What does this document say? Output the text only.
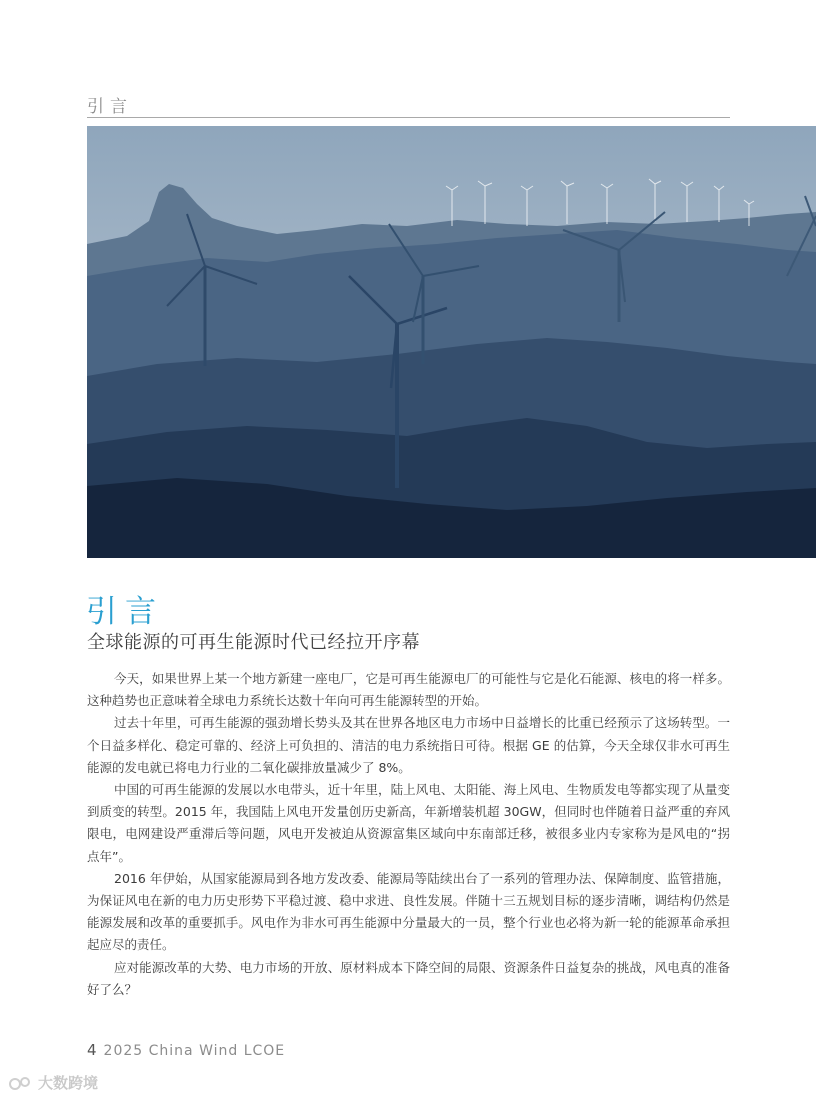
引言
引言
全球能源的可再生能源时代已经拉开序幕

今天，如果世界上某一个地方新建一座电厂，它是可再生能源电厂的可能性与它是化石能源、核电的将一样多。这种趋势也正意味着全球电力系统长达数十年向可再生能源转型的开始。

过去十年里，可再生能源的强劲增长势头及其在世界各地区电力市场中日益增长的比重已经预示了这场转型。一个日益多样化、稳定可靠的、经济上可负担的、清洁的电力系统指日可待。根据 GE 的估算，今天全球仅非水可再生能源的发电就已将电力行业的二氧化碳排放量减少了 8%。

中国的可再生能源的发展以水电带头，近十年里，陆上风电、太阳能、海上风电、生物质发电等都实现了从量变到质变的转型。2015 年，我国陆上风电开发量创历史新高，年新增装机超 30GW，但同时也伴随着日益严重的弃风限电，电网建设严重滞后等问题，风电开发被迫从资源富集区域向中东南部迁移，被很多业内专家称为是风电的“拐点年”。

2016 年伊始，从国家能源局到各地方发改委、能源局等陆续出台了一系列的管理办法、保障制度、监管措施，为保证风电在新的电力历史形势下平稳过渡、稳中求进、良性发展。伴随十三五规划目标的逐步清晰，调结构仍然是能源发展和改革的重要抓手。风电作为非水可再生能源中分量最大的一员，整个行业也必将为新一轮的能源革命承担起应尽的责任。

应对能源改革的大势、电力市场的开放、原材料成本下降空间的局限、资源条件日益复杂的挑战，风电真的准备好了么？

4 2025 China Wind LCOE
大数跨境
